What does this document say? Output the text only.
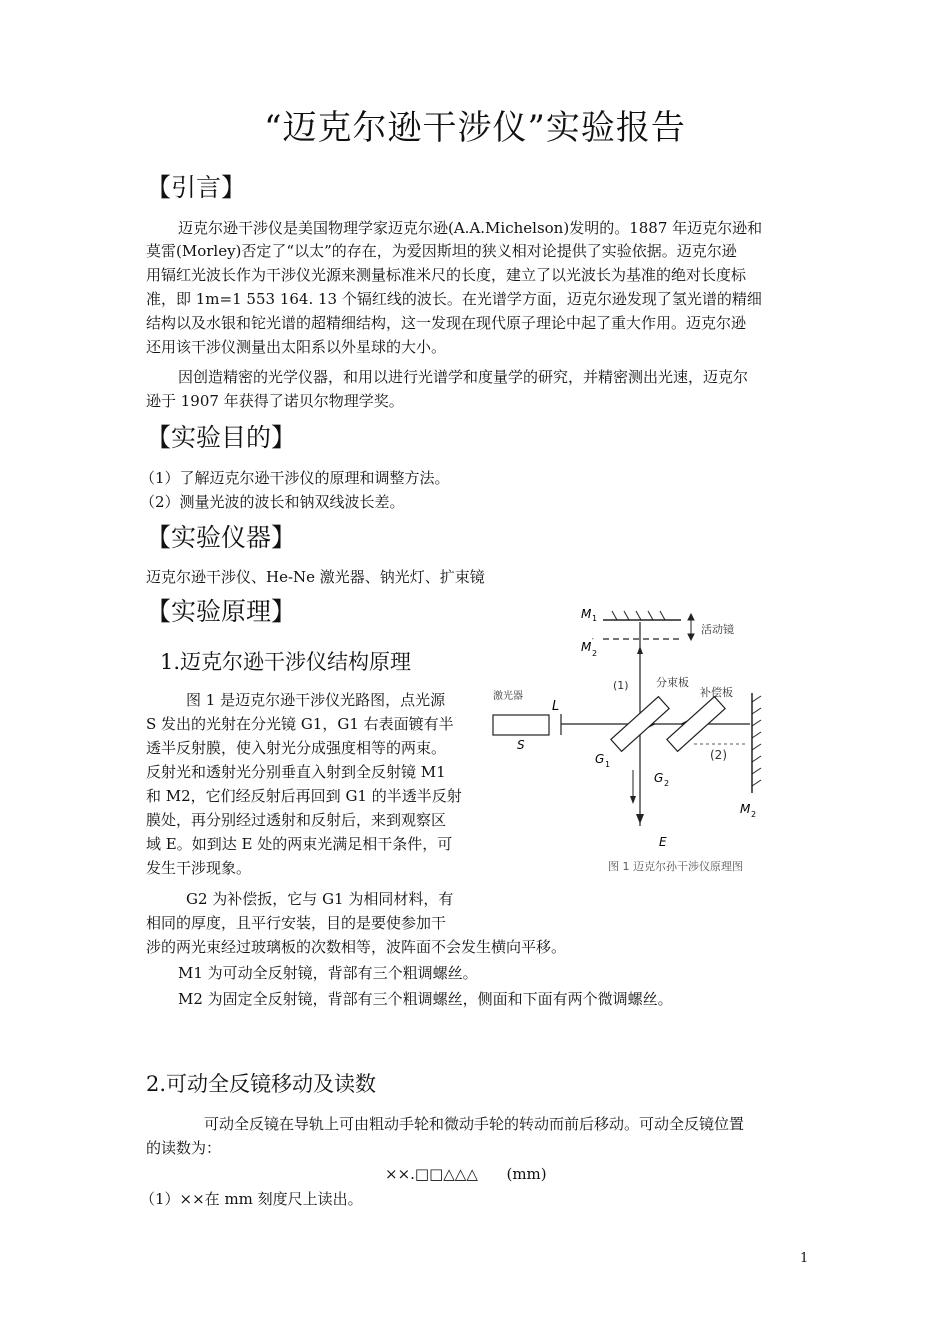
“迈克尔逊干涉仪”实验报告
【引言】
迈克尔逊干涉仪是美国物理学家迈克尔逊(A.A.Michelson)发明的。1887 年迈克尔逊和
莫雷(Morley)否定了“以太”的存在，为爱因斯坦的狭义相对论提供了实验依据。迈克尔逊
用镉红光波长作为干涉仪光源来测量标准米尺的长度，建立了以光波长为基准的绝对长度标
准，即 1m=1 553 164. 13 个镉红线的波长。在光谱学方面，迈克尔逊发现了氢光谱的精细
结构以及水银和铊光谱的超精细结构，这一发现在现代原子理论中起了重大作用。迈克尔逊
还用该干涉仪测量出太阳系以外星球的大小。
因创造精密的光学仪器，和用以进行光谱学和度量学的研究，并精密测出光速，迈克尔
逊于 1907 年获得了诺贝尔物理学奖。
【实验目的】
（1）了解迈克尔逊干涉仪的原理和调整方法。
（2）测量光波的波长和钠双线波长差。
【实验仪器】
迈克尔逊干涉仪、He-Ne 激光器、钠光灯、扩束镜
【实验原理】
1.迈克尔逊干涉仪结构原理
图 1 是迈克尔逊干涉仪光路图，点光源
S 发出的光射在分光镜 G1，G1 右表面镀有半
透半反射膜，使入射光分成强度相等的两束。
反射光和透射光分别垂直入射到全反射镜 M1
和 M2，它们经反射后再回到 G1 的半透半反射
膜处，再分别经过透射和反射后，来到观察区
域 E。如到达 E 处的两束光满足相干条件，可
发生干涉现象。
G2 为补偿扳，它与 G1 为相同材料，有
相同的厚度，且平行安装，目的是要使参加干
涉的两光束经过玻璃板的次数相等，波阵面不会发生横向平移。
M1 为可动全反射镜，背部有三个粗调螺丝。
M2 为固定全反射镜，背部有三个粗调螺丝，侧面和下面有两个微调螺丝。
2.可动全反镜移动及读数
可动全反镜在导轨上可由粗动手轮和微动手轮的转动而前后移动。可动全反镜位置
的读数为：
××.□□△△△      (mm)
（1）××在 mm 刻度尺上读出。
M 1
M 2
′
活动镜
(1) 分束板
补偿板
激光器
L
S
G 1
G 2
(2)
M 2
E
图 1 迈克尔孙干涉仪原理图
1
